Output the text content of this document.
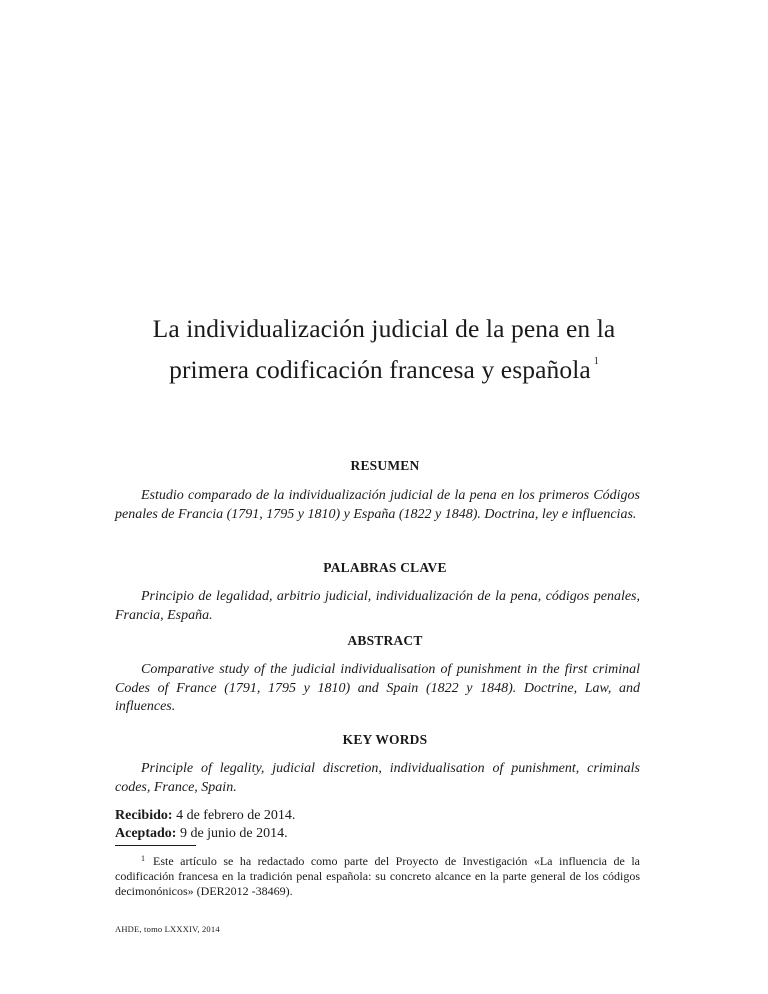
La individualización judicial de la pena en la
primera codificación francesa y española $^1$
RESUMEN
Estudio comparado de la individualización judicial de la pena en los primeros Códigos penales de Francia (1791, 1795 y 1810) y España (1822 y 1848). Doctrina, ley e influencias.
PALABRAS CLAVE
Principio de legalidad, arbitrio judicial, individualización de la pena, códigos penales, Francia, España.
ABSTRACT
Comparative study of the judicial individualisation of punishment in the first criminal Codes of France (1791, 1795 y 1810) and Spain (1822 y 1848). Doctrine, Law, and influences.
KEY WORDS
Principle of legality, judicial discretion, individualisation of punishment, criminals codes, France, Spain.
Recibido: 4 de febrero de 2014.
Aceptado: 9 de junio de 2014.
$^1$ Este artículo se ha redactado como parte del Proyecto de Investigación «La influencia de la codificación francesa en la tradición penal española: su concreto alcance en la parte general de los códigos decimonónicos» (DER2012 -38469).
AHDE, tomo LXXXIV, 2014
